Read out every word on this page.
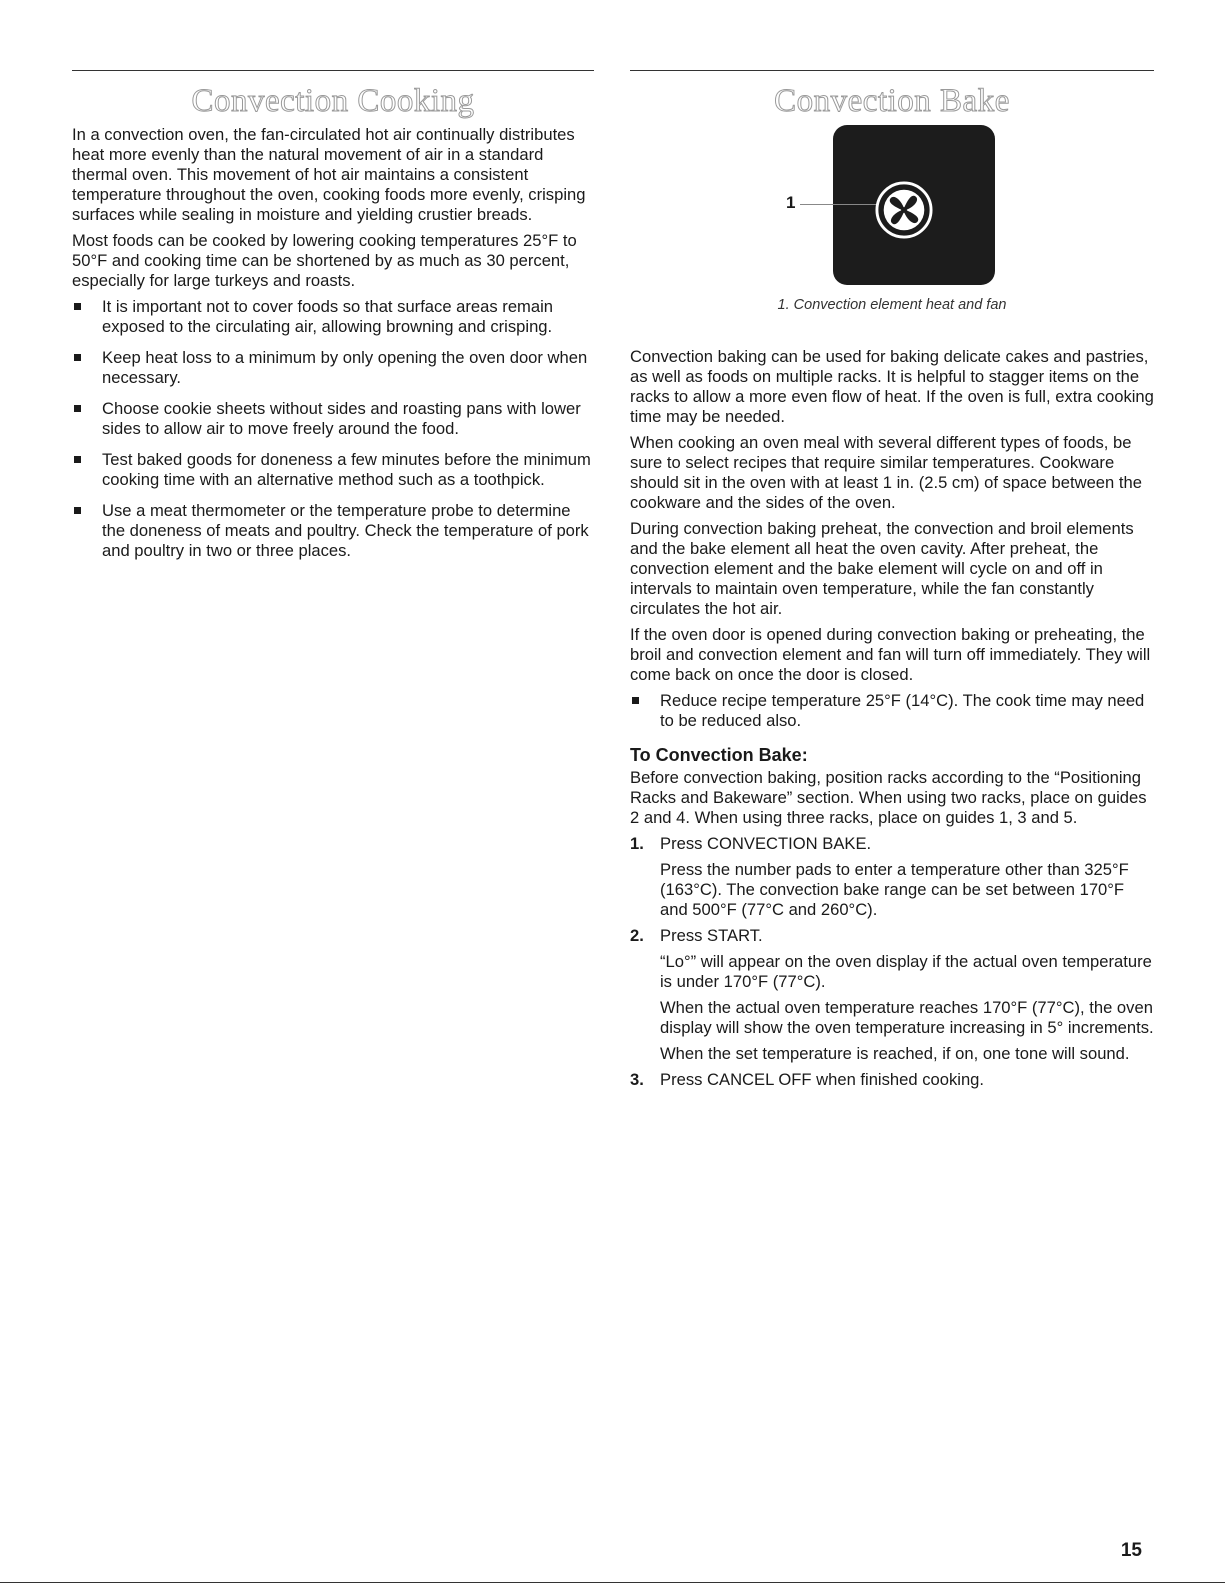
Convection Cooking

In a convection oven, the fan-circulated hot air continually distributes heat more evenly than the natural movement of air in a standard thermal oven. This movement of hot air maintains a consistent temperature throughout the oven, cooking foods more evenly, crisping surfaces while sealing in moisture and yielding crustier breads.

Most foods can be cooked by lowering cooking temperatures 25°F to 50°F and cooking time can be shortened by as much as 30 percent, especially for large turkeys and roasts.

It is important not to cover foods so that surface areas remain exposed to the circulating air, allowing browning and crisping.
Keep heat loss to a minimum by only opening the oven door when necessary.
Choose cookie sheets without sides and roasting pans with lower sides to allow air to move freely around the food.
Test baked goods for doneness a few minutes before the minimum cooking time with an alternative method such as a toothpick.
Use a meat thermometer or the temperature probe to determine the doneness of meats and poultry. Check the temperature of pork and poultry in two or three places.
Convection Bake
1
1. Convection element heat and fan

Convection baking can be used for baking delicate cakes and pastries, as well as foods on multiple racks. It is helpful to stagger items on the racks to allow a more even flow of heat. If the oven is full, extra cooking time may be needed.

When cooking an oven meal with several different types of foods, be sure to select recipes that require similar temperatures. Cookware should sit in the oven with at least 1 in. (2.5 cm) of space between the cookware and the sides of the oven.

During convection baking preheat, the convection and broil elements and the bake element all heat the oven cavity. After preheat, the convection element and the bake element will cycle on and off in intervals to maintain oven temperature, while the fan constantly circulates the hot air.

If the oven door is opened during convection baking or preheating, the broil and convection element and fan will turn off immediately. They will come back on once the door is closed.

Reduce recipe temperature 25°F (14°C). The cook time may need to be reduced also.
To Convection Bake:

Before convection baking, position racks according to the “Positioning Racks and Bakeware” section. When using two racks, place on guides 2 and 4. When using three racks, place on guides 1, 3 and 5.

1. Press CONVECTION BAKE.

Press the number pads to enter a temperature other than 325°F (163°C). The convection bake range can be set between 170°F and 500°F (77°C and 260°C).

2. Press START.

“Lo°” will appear on the oven display if the actual oven temperature is under 170°F (77°C).

When the actual oven temperature reaches 170°F (77°C), the oven display will show the oven temperature increasing in 5° increments.

When the set temperature is reached, if on, one tone will sound.

3. Press CANCEL OFF when finished cooking.

15
